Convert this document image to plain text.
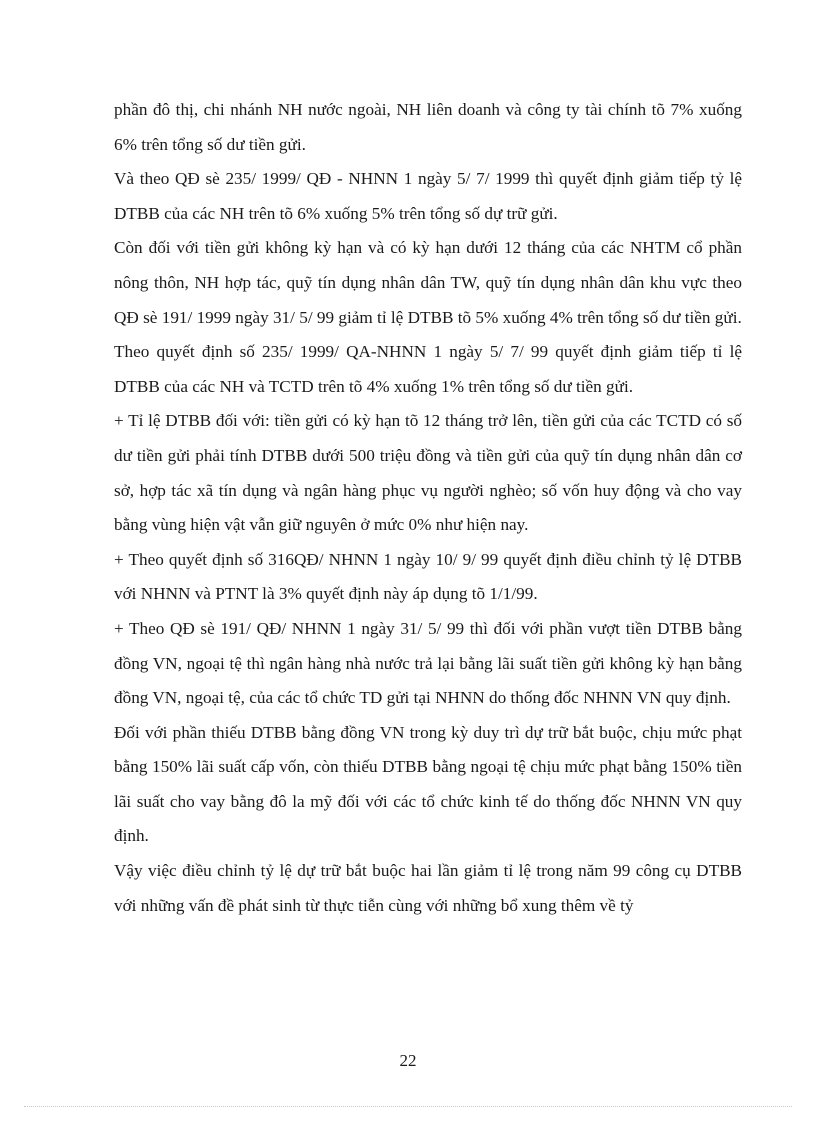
phần đô thị, chi nhánh NH nước ngoài, NH liên doanh và công ty tài chính tõ 7% xuống 6% trên tổng số dư tiền gửi.

Và theo QĐ sè 235/ 1999/ QĐ - NHNN 1 ngày 5/ 7/ 1999 thì quyết định giảm tiếp tỷ lệ DTBB của các NH trên tõ 6% xuống 5% trên tổng số dự trữ gửi.

Còn đối với tiền gửi không kỳ hạn và có kỳ hạn dưới 12 tháng của các NHTM cổ phần nông thôn, NH hợp tác, quỹ tín dụng nhân dân TW, quỹ tín dụng nhân dân khu vực theo QĐ sè 191/ 1999 ngày 31/ 5/ 99 giảm tỉ lệ DTBB tõ 5% xuống 4% trên tổng số dư tiền gửi.

Theo quyết định số 235/ 1999/ QA-NHNN 1 ngày 5/ 7/ 99 quyết định giảm tiếp tỉ lệ DTBB của các NH và TCTD trên tõ 4% xuống 1% trên tổng số dư tiền gửi.

+ Tỉ lệ DTBB đối với: tiền gửi có kỳ hạn tõ 12 tháng trở lên, tiền gửi của các TCTD có số dư tiền gửi phải tính DTBB dưới 500 triệu đồng và tiền gửi của quỹ tín dụng nhân dân cơ sở, hợp tác xã tín dụng và ngân hàng phục vụ người nghèo; số vốn huy động và cho vay bằng vùng hiện vật vẫn giữ nguyên ở mức 0% như hiện nay.

+ Theo quyết định số 316QĐ/ NHNN 1 ngày 10/ 9/ 99 quyết định điều chỉnh tỷ lệ DTBB với NHNN và PTNT là 3% quyết định này áp dụng tõ 1/1/99.

+ Theo QĐ sè 191/ QĐ/ NHNN 1 ngày 31/ 5/ 99 thì đối với phần vượt tiền DTBB bằng đồng VN, ngoại tệ thì ngân hàng nhà nước trả lại bằng lãi suất tiền gửi không kỳ hạn bằng đồng VN, ngoại tệ, của các tổ chức TD gửi tại NHNN do thống đốc NHNN VN quy định.

Đối với phần thiếu DTBB bằng đồng VN trong kỳ duy trì dự trữ bắt buộc, chịu mức phạt bằng 150% lãi suất cấp vốn, còn thiếu DTBB bằng ngoại tệ chịu mức phạt bằng 150% tiền lãi suất cho vay bằng đô la mỹ đối với các tổ chức kinh tế do thống đốc NHNN VN quy định.

Vậy việc điều chỉnh tỷ lệ dự trữ bắt buộc hai lần giảm tỉ lệ trong năm 99 công cụ DTBB với những vấn đề phát sinh từ thực tiễn cùng với những bổ xung thêm về tỷ

22
